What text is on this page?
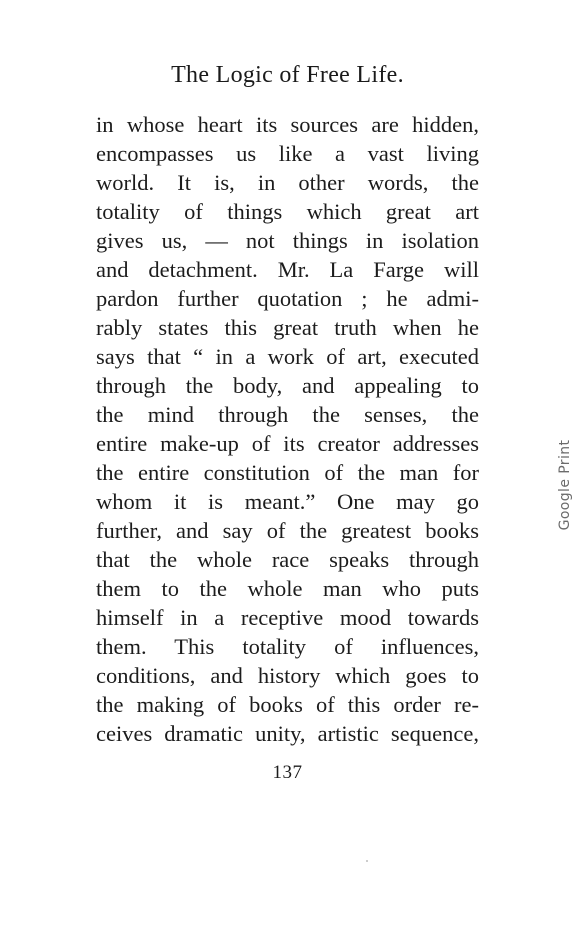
The Logic of Free Life.
in whose heart its sources are hidden,
encompasses us like a vast living
world. It is, in other words, the
totality of things which great art
gives us, — not things in isolation
and detachment. Mr. La Farge will
pardon further quotation ; he admi-
rably states this great truth when he
says that “ in a work of art, executed
through the body, and appealing to
the mind through the senses, the
entire make-up of its creator addresses
the entire constitution of the man for
whom it is meant.” One may go
further, and say of the greatest books
that the whole race speaks through
them to the whole man who puts
himself in a receptive mood towards
them. This totality of influences,
conditions, and history which goes to
the making of books of this order re-
ceives dramatic unity, artistic sequence,
137
Google Print
